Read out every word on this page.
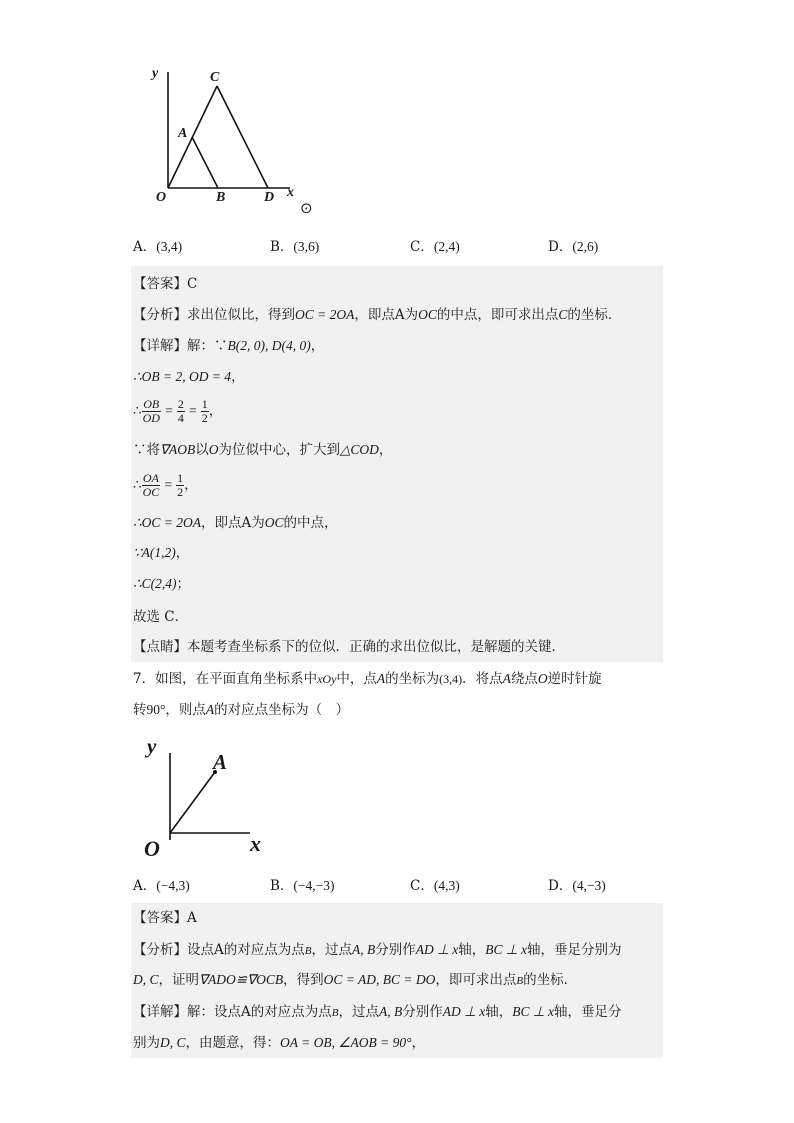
y	C
A
O	B	D x
⊙
A．(3,4)	B．(3,6)	C．(2,4)	D．(2,6)
【答案】C
【分析】求出位似比，得到OC = 2OA，即点A为OC的中点，即可求出点C的坐标．
【详解】解：∵B(2, 0), D(4, 0)，
∴OB = 2, OD = 4，
∴ $\frac{OB}{OD} = \frac{2}{4} = \frac{1}{2}$ ，
∵将∇AOB以O为位似中心，扩大到△COD，
∴ $\frac{OA}{OC} = \frac{1}{2}$ ，
∴OC = 2OA，即点A为OC的中点，
∵A(1,2)，
∴C(2,4)；
故选 C．
【点睛】本题考查坐标系下的位似．正确的求出位似比，是解题的关键．
7．如图，在平面直角坐标系中xOy中，点A的坐标为(3,4)．将点A绕点O逆时针旋
转90°，则点A的对应点坐标为（　）
y
A
O	x
A．(−4,3)	B．(−4,−3)	C．(4,3)	D．(4,−3)
【答案】A
【分析】设点A的对应点为点B，过点A, B分别作AD ⊥ x轴，BC ⊥ x轴，垂足分别为
D, C，证明∇ADO≌∇OCB，得到OC = AD, BC = DO，即可求出点B的坐标．
【详解】解：设点A的对应点为点B，过点A, B分别作AD ⊥ x轴，BC ⊥ x轴，垂足分
别为D, C，由题意，得：OA = OB, ∠AOB = 90°，
